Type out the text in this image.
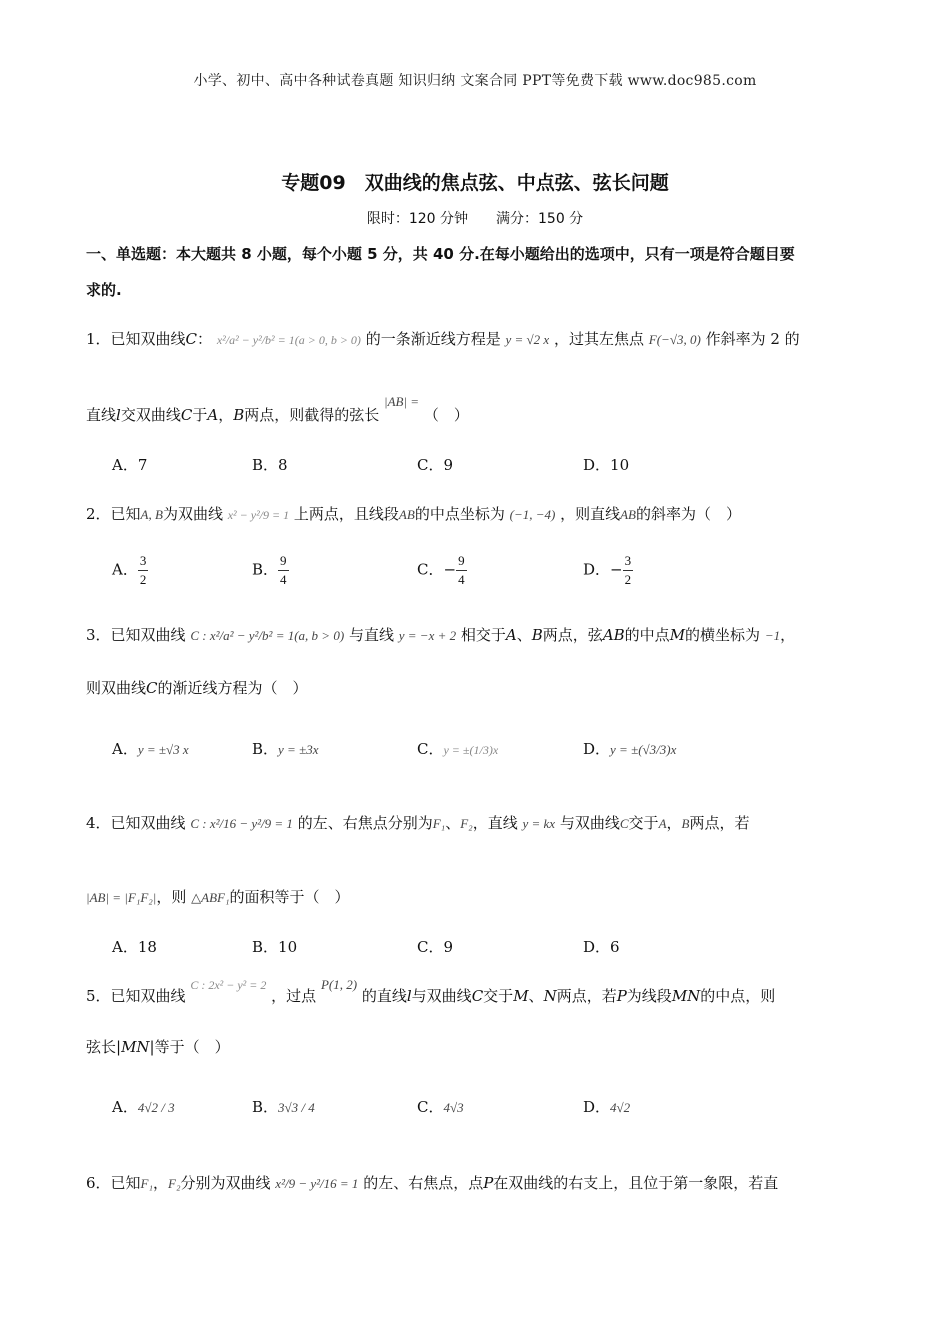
小学、初中、高中各种试卷真题 知识归纳 文案合同 PPT等免费下载 www.doc985.com
专题09　双曲线的焦点弦、中点弦、弦长问题
限时：120 分钟　　满分：150 分
一、单选题：本大题共 8 小题，每个小题 5 分，共 40 分.在每小题给出的选项中，只有一项是符合题目要
求的.
1．已知双曲线C： x²/a² − y²/b² = 1(a > 0, b > 0) 的一条渐近线方程是 y = √2 x ，过其左焦点 F(−√3, 0) 作斜率为 2 的
直线l交双曲线C于A，B两点，则截得的弦长 |AB| = （　）
A．7	B．8	C．9	D．10
2．已知A, B为双曲线 x² − y²/9 = 1 上两点，且线段AB的中点坐标为 (−1, −4) ，则直线AB的斜率为（　）
A． $\frac{3}{2}$	B． $\frac{9}{4}$	C．− $\frac{9}{4}$	D．− $\frac{3}{2}$
3．已知双曲线 C : x²/a² − y²/b² = 1(a, b > 0) 与直线 y = −x + 2 相交于A、B两点，弦AB的中点M的横坐标为 −1，
则双曲线C的渐近线方程为（　）
A．y = ±√3 x	B．y = ±3x	C．y = ±(1/3)x	D．y = ±(√3/3)x
4．已知双曲线 C : x²/16 − y²/9 = 1 的左、右焦点分别为F₁、F₂，直线 y = kx 与双曲线C交于A，B两点，若
|AB| = |F₁F₂|，则 △ABF₁的面积等于（　）
A．18	B．10	C．9	D．6
5．已知双曲线 $^{C : 2x^2 - y^2 = 2}$ ，过点 P(1, 2) 的直线l与双曲线C交于M、N两点，若P为线段MN的中点，则
弦长|MN|等于（　）
A．4√2 / 3	B．3√3 / 4	C．4√3	D．4√2
6．已知F₁，F₂分别为双曲线 x²/9 − y²/16 = 1 的左、右焦点，点P在双曲线的右支上，且位于第一象限，若直
